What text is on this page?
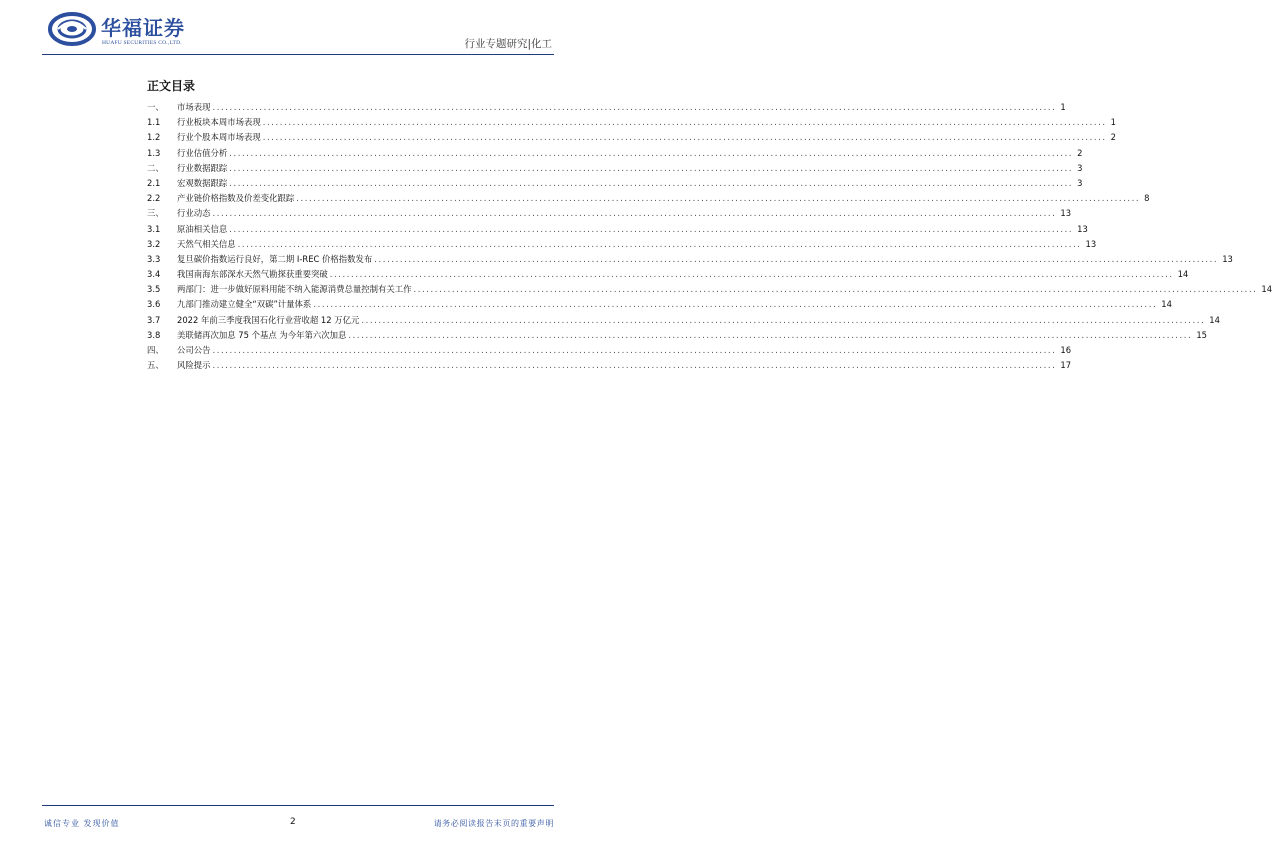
华福证券
HUAFU SECURITIES CO.,LTD.	行业专题研究|化工
正文目录
一、	市场表现 .....	1
1.1	行业板块本周市场表现 .....	1
1.2	行业个股本周市场表现 .....	2
1.3	行业估值分析 .....	2
二、	行业数据跟踪 .....	3
2.1	宏观数据跟踪 .....	3
2.2	产业链价格指数及价差变化跟踪 .....	8
三、	行业动态 .....	13
3.1	原油相关信息 .....	13
3.2	天然气相关信息 .....	13
3.3	复旦碳价指数运行良好，第二期 I-REC 价格指数发布 .....	13
3.4	我国南海东部深水天然气勘探获重要突破 .....	14
3.5	两部门：进一步做好原料用能不纳入能源消费总量控制有关工作 .....	14
3.6	九部门推动建立健全“双碳”计量体系 .....	14
3.7	2022 年前三季度我国石化行业营收超 12 万亿元 .....	14
3.8	美联储再次加息 75 个基点 为今年第六次加息 .....	15
四、	公司公告 .....	16
五、	风险提示 .....	17
诚信专业 发现价值	2	请务必阅读报告末页的重要声明
